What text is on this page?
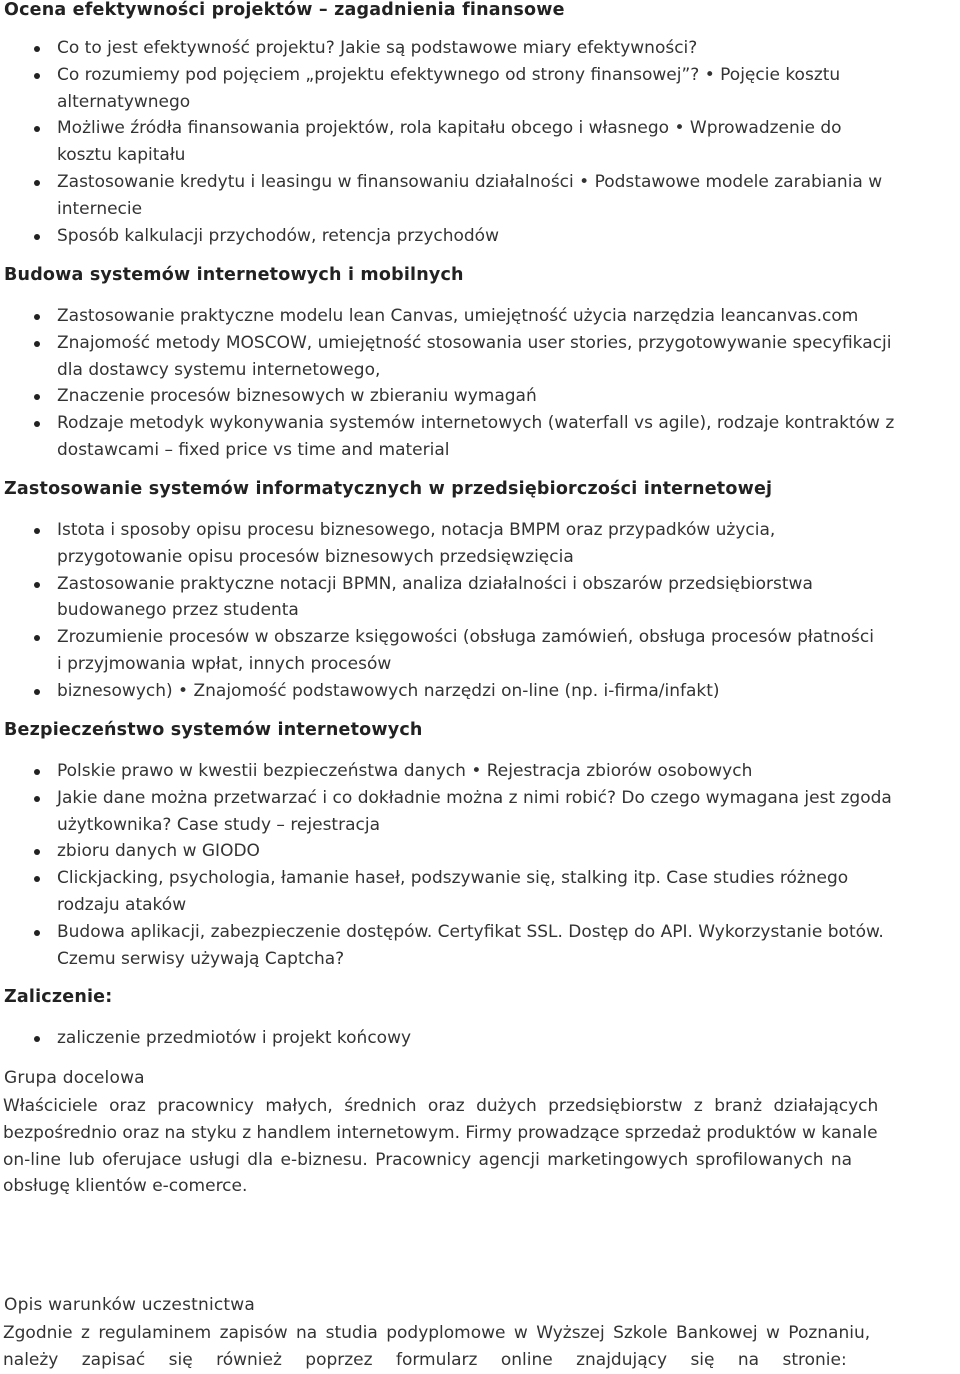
Ocena efektywności projektów – zagadnienia finansowe
Co to jest efektywność projektu? Jakie są podstawowe miary efektywności?
Co rozumiemy pod pojęciem „projektu efektywnego od strony finansowej”? • Pojęcie kosztu
alternatywnego
Możliwe źródła finansowania projektów, rola kapitału obcego i własnego • Wprowadzenie do
kosztu kapitału
Zastosowanie kredytu i leasingu w finansowaniu działalności • Podstawowe modele zarabiania w
internecie
Sposób kalkulacji przychodów, retencja przychodów
Budowa systemów internetowych i mobilnych
Zastosowanie praktyczne modelu lean Canvas, umiejętność użycia narzędzia leancanvas.com
Znajomość metody MOSCOW, umiejętność stosowania user stories, przygotowywanie specyfikacji
dla dostawcy systemu internetowego,
Znaczenie procesów biznesowych w zbieraniu wymagań
Rodzaje metodyk wykonywania systemów internetowych (waterfall vs agile), rodzaje kontraktów z
dostawcami – fixed price vs time and material
Zastosowanie systemów informatycznych w przedsiębiorczości internetowej
Istota i sposoby opisu procesu biznesowego, notacja BMPM oraz przypadków użycia,
przygotowanie opisu procesów biznesowych przedsięwzięcia
Zastosowanie praktyczne notacji BPMN, analiza działalności i obszarów przedsiębiorstwa
budowanego przez studenta
Zrozumienie procesów w obszarze księgowości (obsługa zamówień, obsługa procesów płatności
i przyjmowania wpłat, innych procesów
biznesowych) • Znajomość podstawowych narzędzi on-line (np. i-firma/infakt)
Bezpieczeństwo systemów internetowych
Polskie prawo w kwestii bezpieczeństwa danych • Rejestracja zbiorów osobowych
Jakie dane można przetwarzać i co dokładnie można z nimi robić? Do czego wymagana jest zgoda
użytkownika? Case study – rejestracja
zbioru danych w GIODO
Clickjacking, psychologia, łamanie haseł, podszywanie się, stalking itp. Case studies różnego
rodzaju ataków
Budowa aplikacji, zabezpieczenie dostępów. Certyfikat SSL. Dostęp do API. Wykorzystanie botów.
Czemu serwisy używają Captcha?
Zaliczenie:
zaliczenie przedmiotów i projekt końcowy
Grupa docelowa
Właściciele oraz pracownicy małych, średnich oraz dużych przedsiębiorstw z branż działających
bezpośrednio oraz na styku z handlem internetowym. Firmy prowadzące sprzedaż produktów w kanale
on-line lub oferujace usługi dla e-biznesu. Pracownicy agencji marketingowych sprofilowanych na
obsługę klientów e-comerce.
Opis warunków uczestnictwa
Zgodnie z regulaminem zapisów na studia podyplomowe w Wyższej Szkole Bankowej w Poznaniu,
należy zapisać się również poprzez formularz online znajdujący się na stronie:
